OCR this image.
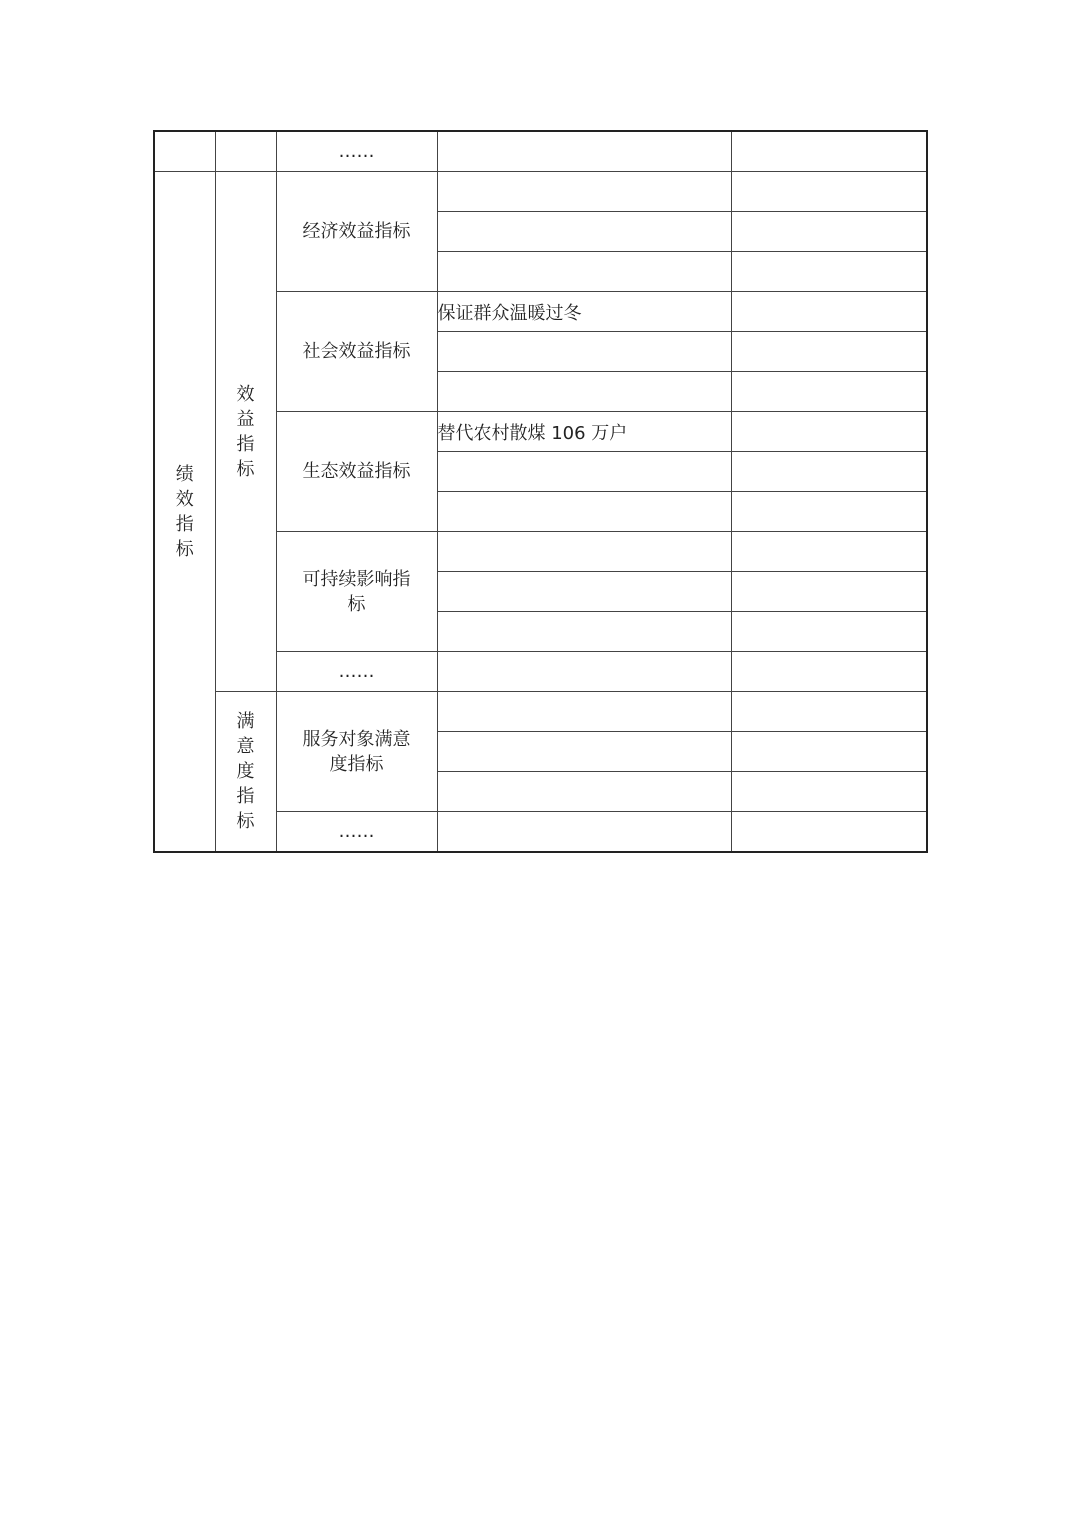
		……		
绩效指标	效益指标	经济效益指标		

		社会效益指标	保证群众温暖过冬	

		生态效益指标	替代农村散煤 106 万户	

		可持续影响指标		

		……		
	满意度指标	服务对象满意度指标		

		……		
